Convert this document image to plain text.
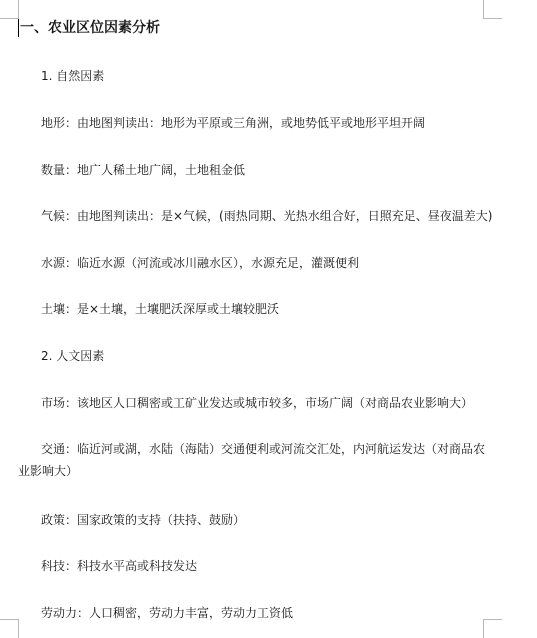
一、农业区位因素分析
1. 自然因素
地形：由地图判读出：地形为平原或三角洲，或地势低平或地形平坦开阔
数量：地广人稀土地广阔，土地租金低
气候：由地图判读出：是×气候，(雨热同期、光热水组合好，日照充足、昼夜温差大)
水源：临近水源（河流或冰川融水区），水源充足，灌溉便利
土壤：是×土壤，土壤肥沃深厚或土壤较肥沃
2. 人文因素
市场：该地区人口稠密或工矿业发达或城市较多，市场广阔（对商品农业影响大）
交通：临近河或湖，水陆（海陆）交通便利或河流交汇处，内河航运发达（对商品农业影响大）
政策：国家政策的支持（扶持、鼓励）
科技：科技水平高或科技发达
劳动力：人口稠密，劳动力丰富，劳动力工资低
